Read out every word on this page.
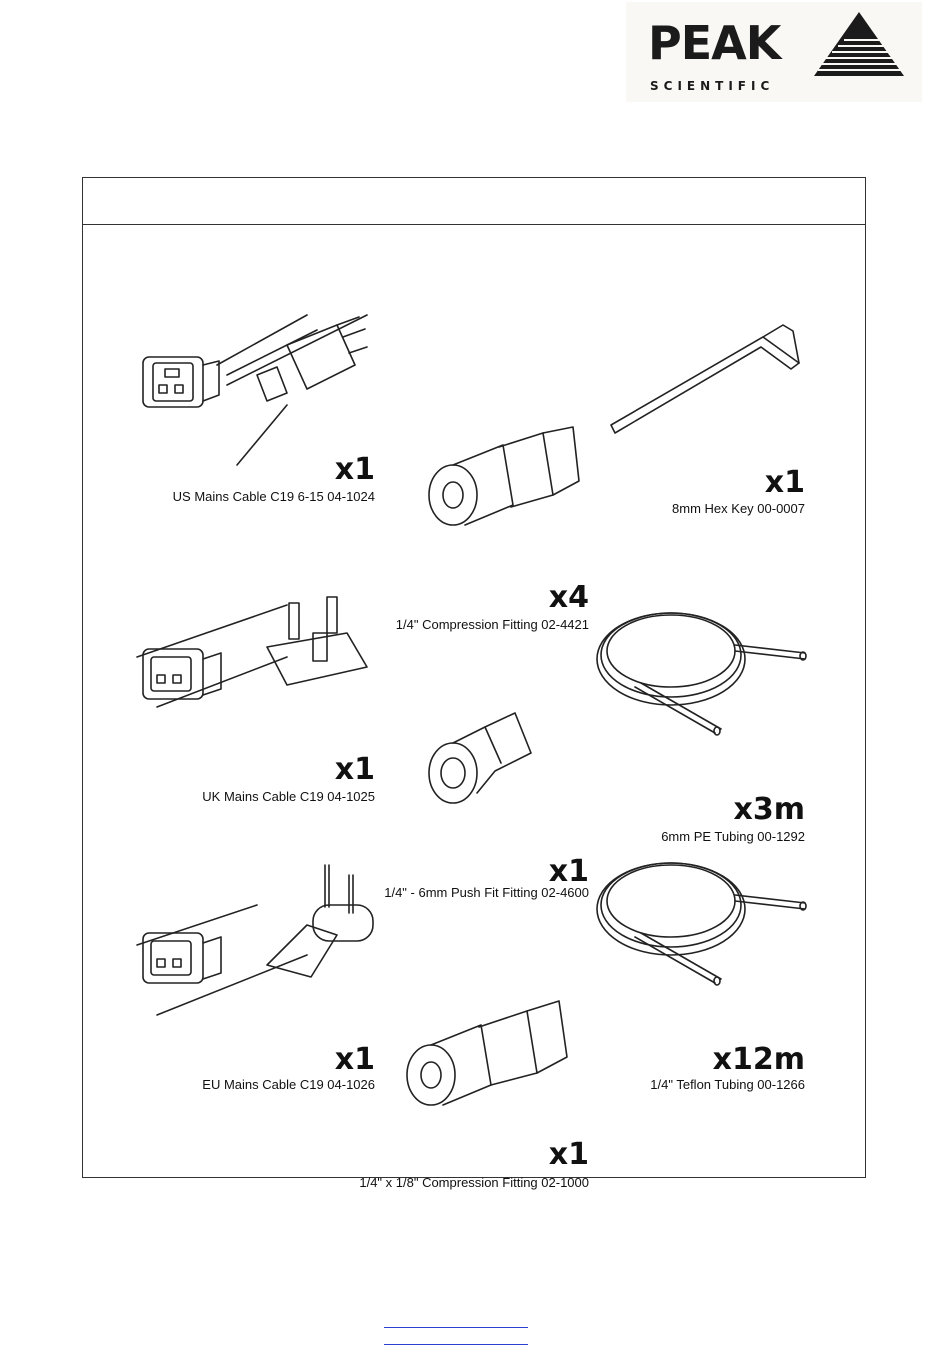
PEAK
SCIENTIFIC
x1
US Mains Cable C19 6-15 04-1024	x1
8mm Hex Key 00-0007
x4
1/4" Compression Fitting 02-4421
x1
UK Mains Cable C19 04-1025	x3m
6mm PE Tubing 00-1292
x1
1/4" - 6mm Push Fit Fitting 02-4600
x1
EU Mains Cable C19 04-1026
x12m
1/4" Teflon Tubing 00-1266
x1
1/4" x 1/8" Compression Fitting 02-1000
